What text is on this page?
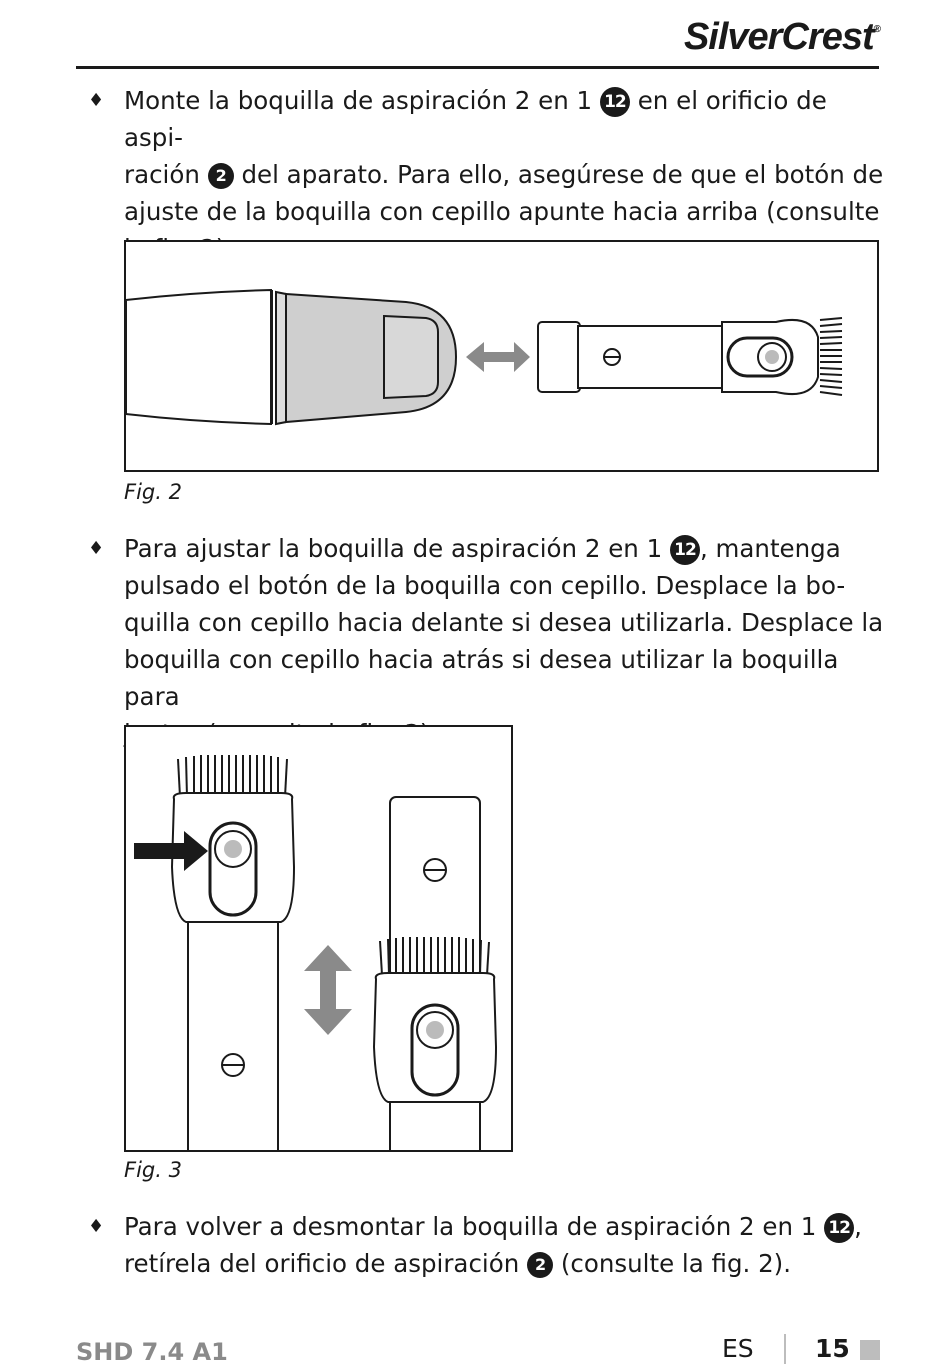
SilverCrest®
♦ Monte la boquilla de aspiración 2 en 1 12 en el orificio de aspi-
ración 2 del aparato. Para ello, asegúrese de que el botón de
ajuste de la boquilla con cepillo apunte hacia arriba (consulte
Fig. 2
♦ Para ajustar la boquilla de aspiración 2 en 1 12 , mantenga
pulsado el botón de la boquilla con cepillo. Desplace la bo-
quilla con cepillo hacia delante si desea utilizarla. Desplace la
boquilla con cepillo hacia atrás si desea utilizar la boquilla para
Fig. 3
♦ Para volver a desmontar la boquilla de aspiración 2 en 1 12 ,
retírela del orificio de aspiración 2 (consulte la fig. 2).
SHD 7.4 A1	ES 15
